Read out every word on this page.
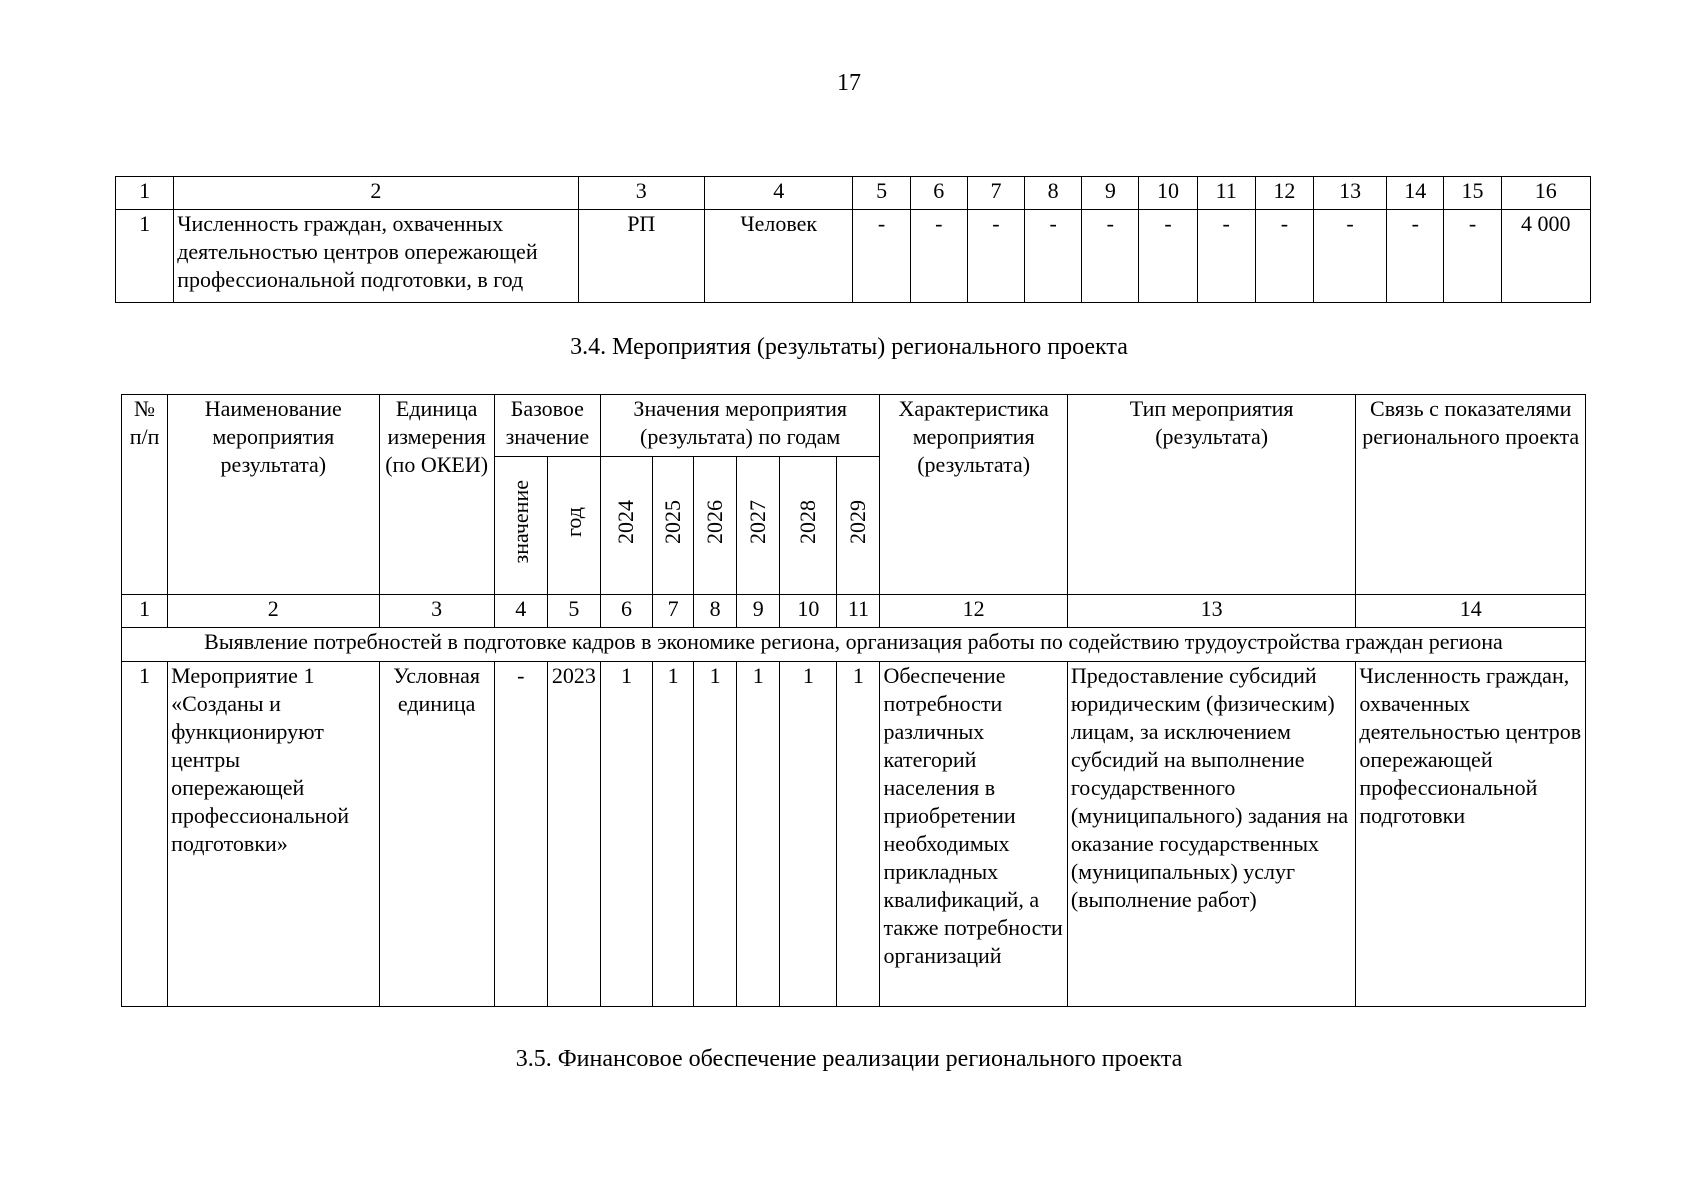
17
1	2	3	4	5	6	7	8	9	10	11	12	13	14	15	16
1	Численность граждан, охваченных деятельностью центров опережающей профессиональной подготовки, в год	РП	Человек	-	-	-	-	-	-	-	-	-	-	-	4 000
3.4. Мероприятия (результаты) регионального проекта
№ п/п	Наименование мероприятия результата)	Единица измерения (по ОКЕИ)	Базовое значение		Значения мероприятия (результата) по годам						Характеристика мероприятия (результата)	Тип мероприятия (результата)	Связь с показателями регионального проекта
			значение	год	2024	2025	2026	2027	2028	2029			
1	2	3	4	5	6	7	8	9	10	11	12	13	14
Выявление потребностей в подготовке кадров в экономике региона, организация работы по содействию трудоустройства граждан региона													
1	Мероприятие 1 «Созданы и функционируют центры опережающей профессиональной подготовки»	Условная единица	-	2023	1	1	1	1	1	1	Обеспечение потребности различных категорий населения в приобретении необходимых прикладных квалификаций, а также потребности организаций	Предоставление субсидий юридическим (физическим) лицам, за исключением субсидий на выполнение государственного (муниципального) задания на оказание государственных (муниципальных) услуг (выполнение работ)	Численность граждан, охваченных деятельностью центров опережающей профессиональной подготовки
3.5. Финансовое обеспечение реализации регионального проекта
